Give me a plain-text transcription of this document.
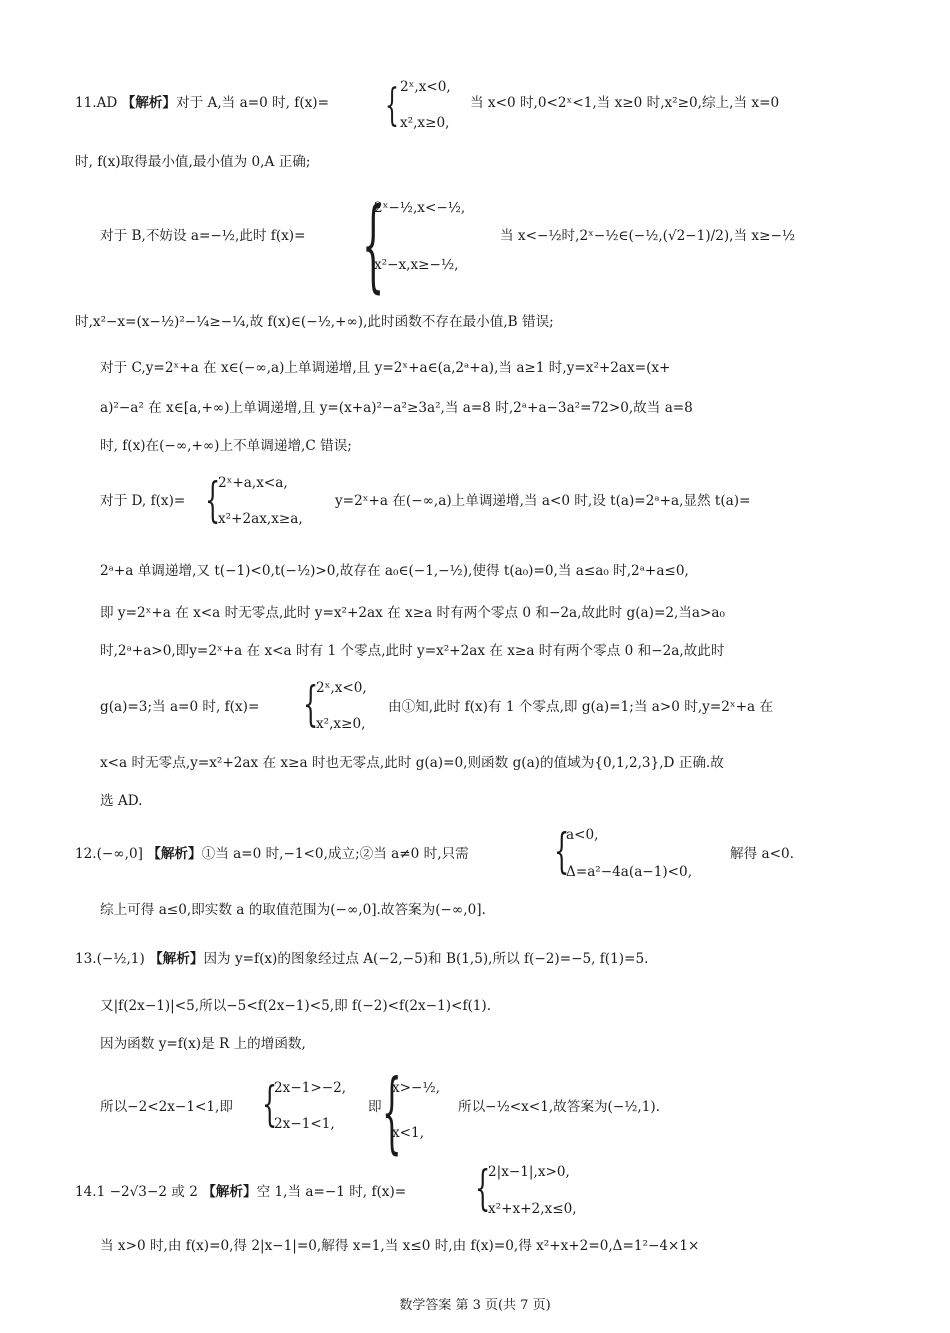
11.AD 【解析】对于 A,当 a=0 时, f(x)= { 2ˣ,x<0,
x²,x≥0,
当 x<0 时,0<2ˣ<1,当 x≥0 时,x²≥0,综上,当 x=0
时, f(x)取得最小值,最小值为 0,A 正确;
对于 B,不妨设 a=−½,此时 f(x)= {
2ˣ−½,x<−½,
x²−x,x≥−½,
当 x<−½时,2ˣ−½∈(−½,(√2−1)/2),当 x≥−½
时,x²−x=(x−½)²−¼≥−¼,故 f(x)∈(−½,+∞),此时函数不存在最小值,B 错误;
对于 C,y=2ˣ+a 在 x∈(−∞,a)上单调递增,且 y=2ˣ+a∈(a,2ᵃ+a),当 a≥1 时,y=x²+2ax=(x+
a)²−a² 在 x∈[a,+∞)上单调递增,且 y=(x+a)²−a²≥3a²,当 a=8 时,2ᵃ+a−3a²=72>0,故当 a=8
时, f(x)在(−∞,+∞)上不单调递增,C 错误;
对于 D, f(x)= {
2ˣ+a,x<a,
x²+2ax,x≥a,
y=2ˣ+a 在(−∞,a)上单调递增,当 a<0 时,设 t(a)=2ᵃ+a,显然 t(a)=
2ᵃ+a 单调递增,又 t(−1)<0,t(−½)>0,故存在 a₀∈(−1,−½),使得 t(a₀)=0,当 a≤a₀ 时,2ᵃ+a≤0,
即 y=2ˣ+a 在 x<a 时无零点,此时 y=x²+2ax 在 x≥a 时有两个零点 0 和−2a,故此时 g(a)=2,当a>a₀
时,2ᵃ+a>0,即y=2ˣ+a 在 x<a 时有 1 个零点,此时 y=x²+2ax 在 x≥a 时有两个零点 0 和−2a,故此时
g(a)=3;当 a=0 时, f(x)= {
2ˣ,x<0,
x²,x≥0,
由①知,此时 f(x)有 1 个零点,即 g(a)=1;当 a>0 时,y=2ˣ+a 在
x<a 时无零点,y=x²+2ax 在 x≥a 时也无零点,此时 g(a)=0,则函数 g(a)的值域为{0,1,2,3},D 正确.故
选 AD.
12.(−∞,0] 【解析】①当 a=0 时,−1<0,成立;②当 a≠0 时,只需 {
a<0,
Δ=a²−4a(a−1)<0,
解得 a<0.
综上可得 a≤0,即实数 a 的取值范围为(−∞,0].故答案为(−∞,0].
13.(−½,1) 【解析】因为 y=f(x)的图象经过点 A(−2,−5)和 B(1,5),所以 f(−2)=−5, f(1)=5.
又|f(2x−1)|<5,所以−5<f(2x−1)<5,即 f(−2)<f(2x−1)<f(1).
因为函数 y=f(x)是 R 上的增函数,
所以−2<2x−1<1,即 {
2x−1>−2,
2x−1<1,
即 {
x>−½,
x<1,
所以−½<x<1,故答案为(−½,1).
14.1 −2√3−2 或 2 【解析】空 1,当 a=−1 时, f(x)= {
2|x−1|,x>0,
x²+x+2,x≤0,
当 x>0 时,由 f(x)=0,得 2|x−1|=0,解得 x=1,当 x≤0 时,由 f(x)=0,得 x²+x+2=0,Δ=1²−4×1×
数学答案 第 3 页(共 7 页)
